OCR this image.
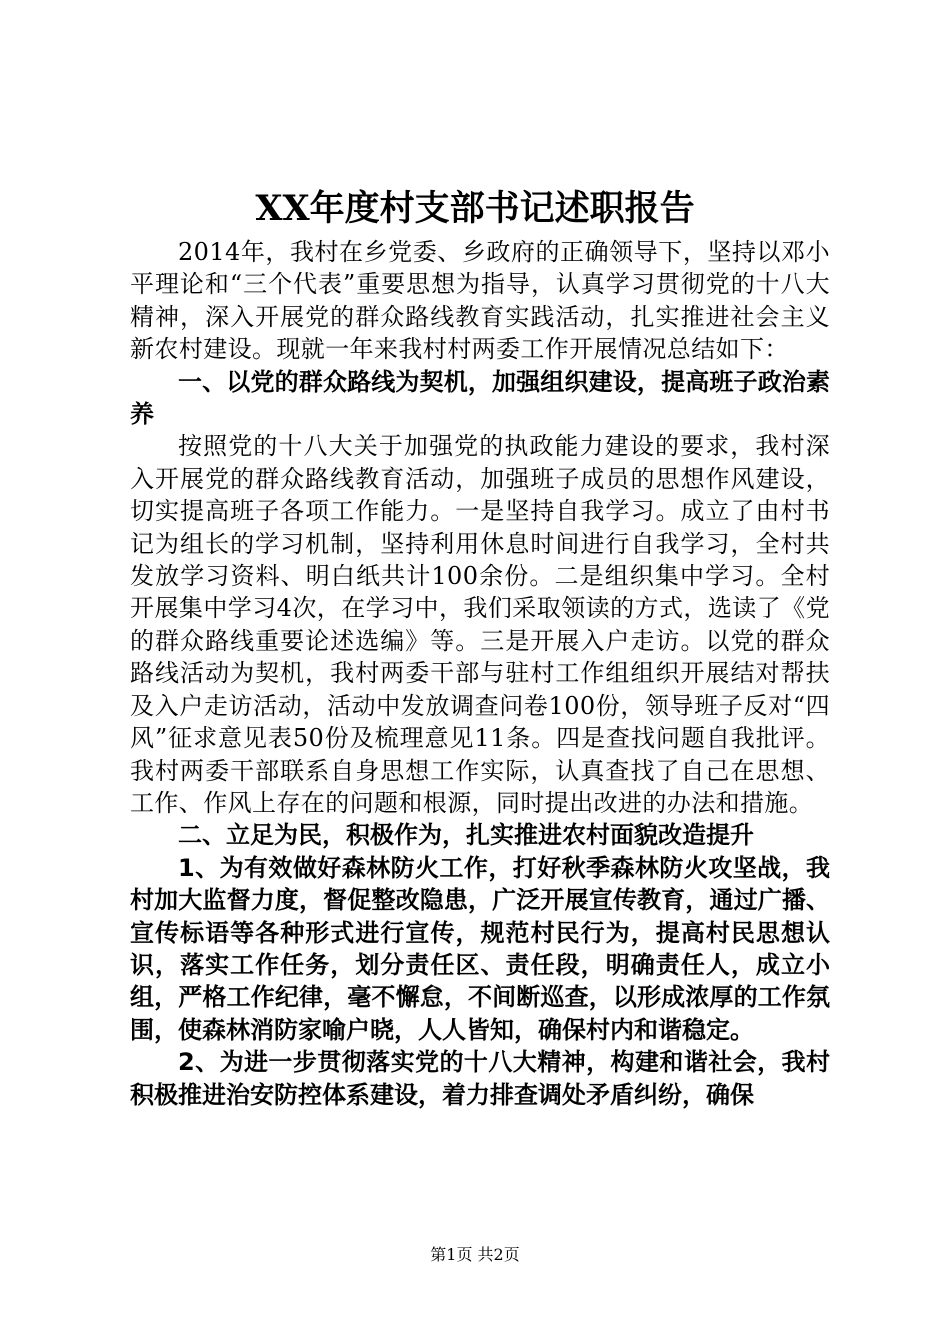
XX年度村支部书记述职报告

2014年，我村在乡党委、乡政府的正确领导下，坚持以邓小平理论和“三个代表”重要思想为指导，认真学习贯彻党的十八大精神，深入开展党的群众路线教育实践活动，扎实推进社会主义新农村建设。现就一年来我村村两委工作开展情况总结如下：

一、以党的群众路线为契机，加强组织建设，提高班子政治素养

按照党的十八大关于加强党的执政能力建设的要求，我村深入开展党的群众路线教育活动，加强班子成员的思想作风建设，切实提高班子各项工作能力。一是坚持自我学习。成立了由村书记为组长的学习机制，坚持利用休息时间进行自我学习，全村共发放学习资料、明白纸共计100余份。二是组织集中学习。全村开展集中学习4次，在学习中，我们采取领读的方式，选读了《党的群众路线重要论述选编》等。三是开展入户走访。以党的群众路线活动为契机，我村两委干部与驻村工作组组织开展结对帮扶及入户走访活动，活动中发放调查问卷100份，领导班子反对“四风”征求意见表50份及梳理意见11条。四是查找问题自我批评。我村两委干部联系自身思想工作实际，认真查找了自己在思想、工作、作风上存在的问题和根源，同时提出改进的办法和措施。

二、立足为民，积极作为，扎实推进农村面貌改造提升

1、为有效做好森林防火工作，打好秋季森林防火攻坚战，我村加大监督力度，督促整改隐患，广泛开展宣传教育，通过广播、宣传标语等各种形式进行宣传，规范村民行为，提高村民思想认识，落实工作任务，划分责任区、责任段，明确责任人，成立小组，严格工作纪律，毫不懈怠，不间断巡查，以形成浓厚的工作氛围，使森林消防家喻户晓，人人皆知，确保村内和谐稳定。

2、为进一步贯彻落实党的十八大精神，构建和谐社会，我村积极推进治安防控体系建设，着力排查调处矛盾纠纷，确保

第1页 共2页
